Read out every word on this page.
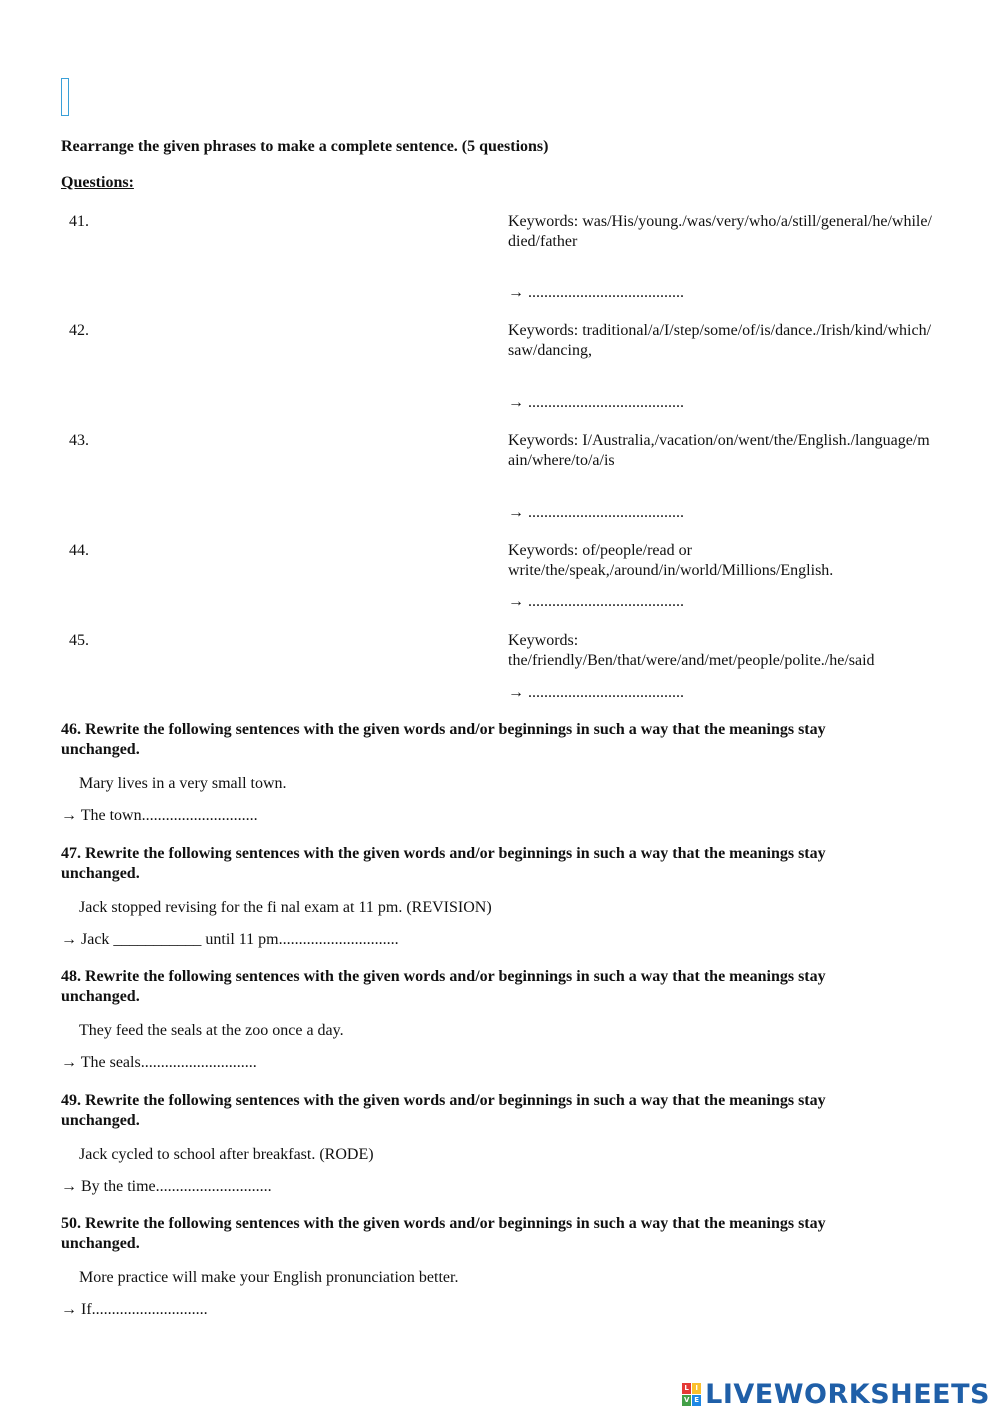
Rearrange the given phrases to make a complete sentence. (5 questions)
Questions:
41.	Keywords: was/His/young./was/very/who/a/still/general/he/while/died/father
→ .......................................
42.	Keywords: traditional/a/I/step/some/of/is/dance./Irish/kind/which/saw/dancing,
→ .......................................
43.	Keywords: I/Australia,/vacation/on/went/the/English./language/main/where/to/a/is
→ .......................................
44.	Keywords: of/people/read or write/the/speak,/around/in/world/Millions/English.
→ .......................................
45.	Keywords: the/friendly/Ben/that/were/and/met/people/polite./he/said
→ .......................................
46. Rewrite the following sentences with the given words and/or beginnings in such a way that the meanings stay unchanged.
Mary lives in a very small town.
→ The town.............................
47. Rewrite the following sentences with the given words and/or beginnings in such a way that the meanings stay unchanged.
Jack stopped revising for the fi nal exam at 11 pm. (REVISION)
→ Jack ___________ until 11 pm..............................
48. Rewrite the following sentences with the given words and/or beginnings in such a way that the meanings stay unchanged.
They feed the seals at the zoo once a day.
→ The seals.............................
49. Rewrite the following sentences with the given words and/or beginnings in such a way that the meanings stay unchanged.
Jack cycled to school after breakfast. (RODE)
→ By the time.............................
50. Rewrite the following sentences with the given words and/or beginnings in such a way that the meanings stay unchanged.
More practice will make your English pronunciation better.
→ If.............................
L I
V E LIVEWORKSHEETS
